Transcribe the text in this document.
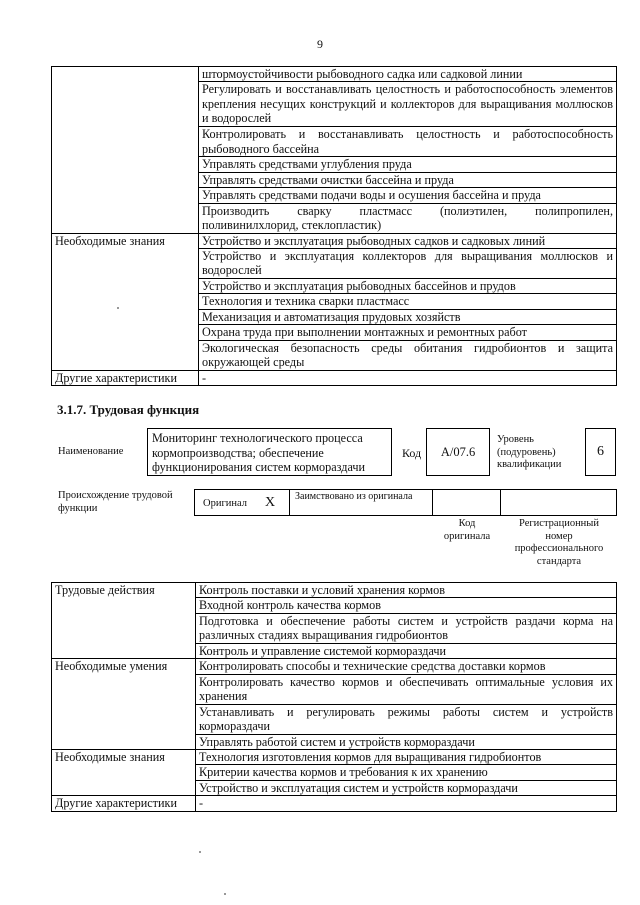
9
	штормоустойчивости рыбоводного садка или садковой линии
	Регулировать и восстанавливать целостность и работоспособность элементов крепления несущих конструкций и коллекторов для выращивания моллюсков и водорослей
	Контролировать и восстанавливать целостность и работоспособность рыбоводного бассейна
	Управлять средствами углубления пруда
	Управлять средствами очистки бассейна и пруда
	Управлять средствами подачи воды и осушения бассейна и пруда
	Производить сварку пластмасс (полиэтилен, полипропилен, поливинилхлорид, стеклопластик)
Необходимые знания	Устройство и эксплуатация рыбоводных садков и садковых линий
	Устройство и эксплуатация коллекторов для выращивания моллюсков и водорослей
	Устройство и эксплуатация рыбоводных бассейнов и прудов
	Технология и техника сварки пластмасс
	Механизация и автоматизация прудовых хозяйств
	Охрана труда при выполнении монтажных и ремонтных работ
	Экологическая безопасность среды обитания гидробионтов и защита окружающей среды
Другие характеристики	-
3.1.7. Трудовая функция
Наименование
Мониторинг технологического процесса кормопроизводства; обеспечение функционирования систем кормораздачи
Код А/07.6
Уровень (подуровень) квалификации
6
Происхождение трудовой функции	Оригинал X Заимствовано из оригинала
Код оригинала
Регистрационный номер профессионального стандарта
Трудовые действия	Контроль поставки и условий хранения кормов
	Входной контроль качества кормов
	Подготовка и обеспечение работы систем и устройств раздачи корма на различных стадиях выращивания гидробионтов
	Контроль и управление системой кормораздачи
Необходимые умения	Контролировать способы и технические средства доставки кормов
	Контролировать качество кормов и обеспечивать оптимальные условия их хранения
	Устанавливать и регулировать режимы работы систем и устройств кормораздачи
	Управлять работой систем и устройств кормораздачи
Необходимые знания	Технология изготовления кормов для выращивания гидробионтов
	Критерии качества кормов и требования к их хранению
	Устройство и эксплуатация систем и устройств кормораздачи
Другие характеристики	-
